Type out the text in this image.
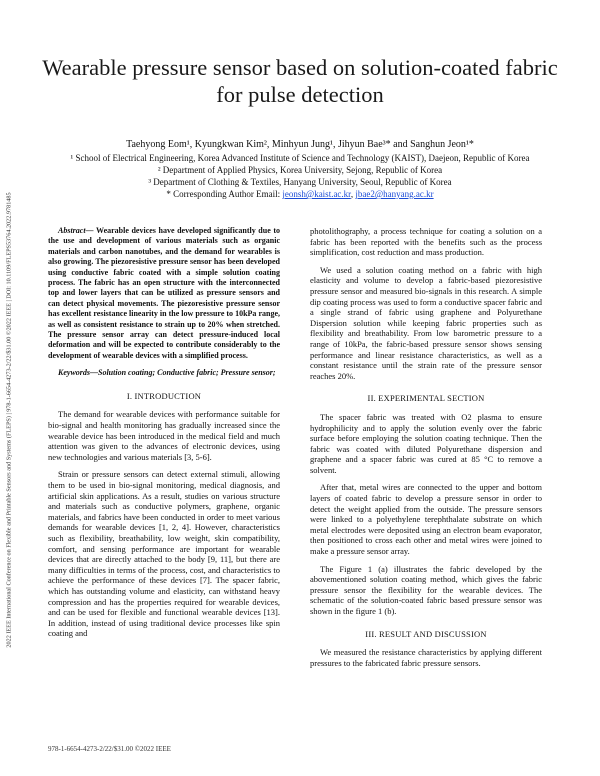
2022 IEEE International Conference on Flexible and Printable Sensors and Systems (FLEPS) | 978-1-6654-4273-2/22/$31.00 ©2022 IEEE | DOI: 10.1109/FLEPS53764.2022.9781485
Wearable pressure sensor based on solution-coated fabric for pulse detection
Taehyong Eom¹, Kyungkwan Kim², Minhyun Jung¹, Jihyun Bae³* and Sanghun Jeon¹*
¹ School of Electrical Engineering, Korea Advanced Institute of Science and Technology (KAIST), Daejeon, Republic of Korea
² Department of Applied Physics, Korea University, Sejong, Republic of Korea
³ Department of Clothing & Textiles, Hanyang University, Seoul, Republic of Korea
* Corresponding Author Email: jeonsh@kaist.ac.kr, jbae2@hanyang.ac.kr

Abstract— Wearable devices have developed significantly due to the use and development of various materials such as organic materials and carbon nanotubes, and the demand for wearables is also growing. The piezoresistive pressure sensor has been developed using conductive fabric coated with a simple solution coating process. The fabric has an open structure with the interconnected top and lower layers that can be utilized as pressure sensors and can detect physical movements. The piezoresistive pressure sensor has excellent resistance linearity in the low pressure to 10kPa range, as well as consistent resistance to strain up to 20% when stretched. The pressure sensor array can detect pressure-induced local deformation and will be expected to contribute considerably to the development of wearable devices with a simplified process.

Keywords—Solution coating; Conductive fabric; Pressure sensor;

I. INTRODUCTION

The demand for wearable devices with performance suitable for bio-signal and health monitoring has gradually increased since the wearable device has been introduced in the medical field and much attention was given to the advances of electronic devices, using new technologies and various materials [3, 5-6].

Strain or pressure sensors can detect external stimuli, allowing them to be used in bio-signal monitoring, medical diagnosis, and artificial skin applications. As a result, studies on various structure and materials such as conductive polymers, graphene, organic materials, and fabrics have been conducted in order to meet various demands for wearable devices [1, 2, 4]. However, characteristics such as flexibility, breathability, low weight, skin compatibility, comfort, and sensing performance are important for wearable devices that are directly attached to the body [9, 11], but there are many difficulties in terms of the process, cost, and characteristics to achieve the performance of these devices [7]. The spacer fabric, which has outstanding volume and elasticity, can withstand heavy compression and has the properties required for wearable devices, and can be used for flexible and functional wearable devices [13]. In addition, instead of using traditional device processes like spin coating and

photolithography, a process technique for coating a solution on a fabric has been reported with the benefits such as the process simplification, cost reduction and mass production.

We used a solution coating method on a fabric with high elasticity and volume to develop a fabric-based piezoresistive pressure sensor and measured bio-signals in this research. A simple dip coating process was used to form a conductive spacer fabric and a single strand of fabric using graphene and Polyurethane Dispersion solution while keeping fabric properties such as flexibility and breathability. From low barometric pressure to a range of 10kPa, the fabric-based pressure sensor shows sensing performance and linear resistance characteristics, as well as a constant resistance until the strain rate of the pressure sensor reaches 20%.

II. EXPERIMENTAL SECTION

The spacer fabric was treated with O2 plasma to ensure hydrophilicity and to apply the solution evenly over the fabric surface before employing the solution coating technique. Then the fabric was coated with diluted Polyurethane dispersion and graphene and a spacer fabric was cured at 85 °C to remove a solvent.

After that, metal wires are connected to the upper and bottom layers of coated fabric to develop a pressure sensor in order to detect the weight applied from the outside. The pressure sensors were linked to a polyethylene terephthalate substrate on which metal electrodes were deposited using an electron beam evaporator, then positioned to cross each other and metal wires were joined to make a pressure sensor array.

The Figure 1 (a) illustrates the fabric developed by the abovementioned solution coating method, which gives the fabric pressure sensor the flexibility for the wearable devices. The schematic of the solution-coated fabric based pressure sensor was shown in the figure 1 (b).

III. RESULT AND DISCUSSION

We measured the resistance characteristics by applying different pressures to the fabricated fabric pressure sensors.

978-1-6654-4273-2/22/$31.00 ©2022 IEEE
